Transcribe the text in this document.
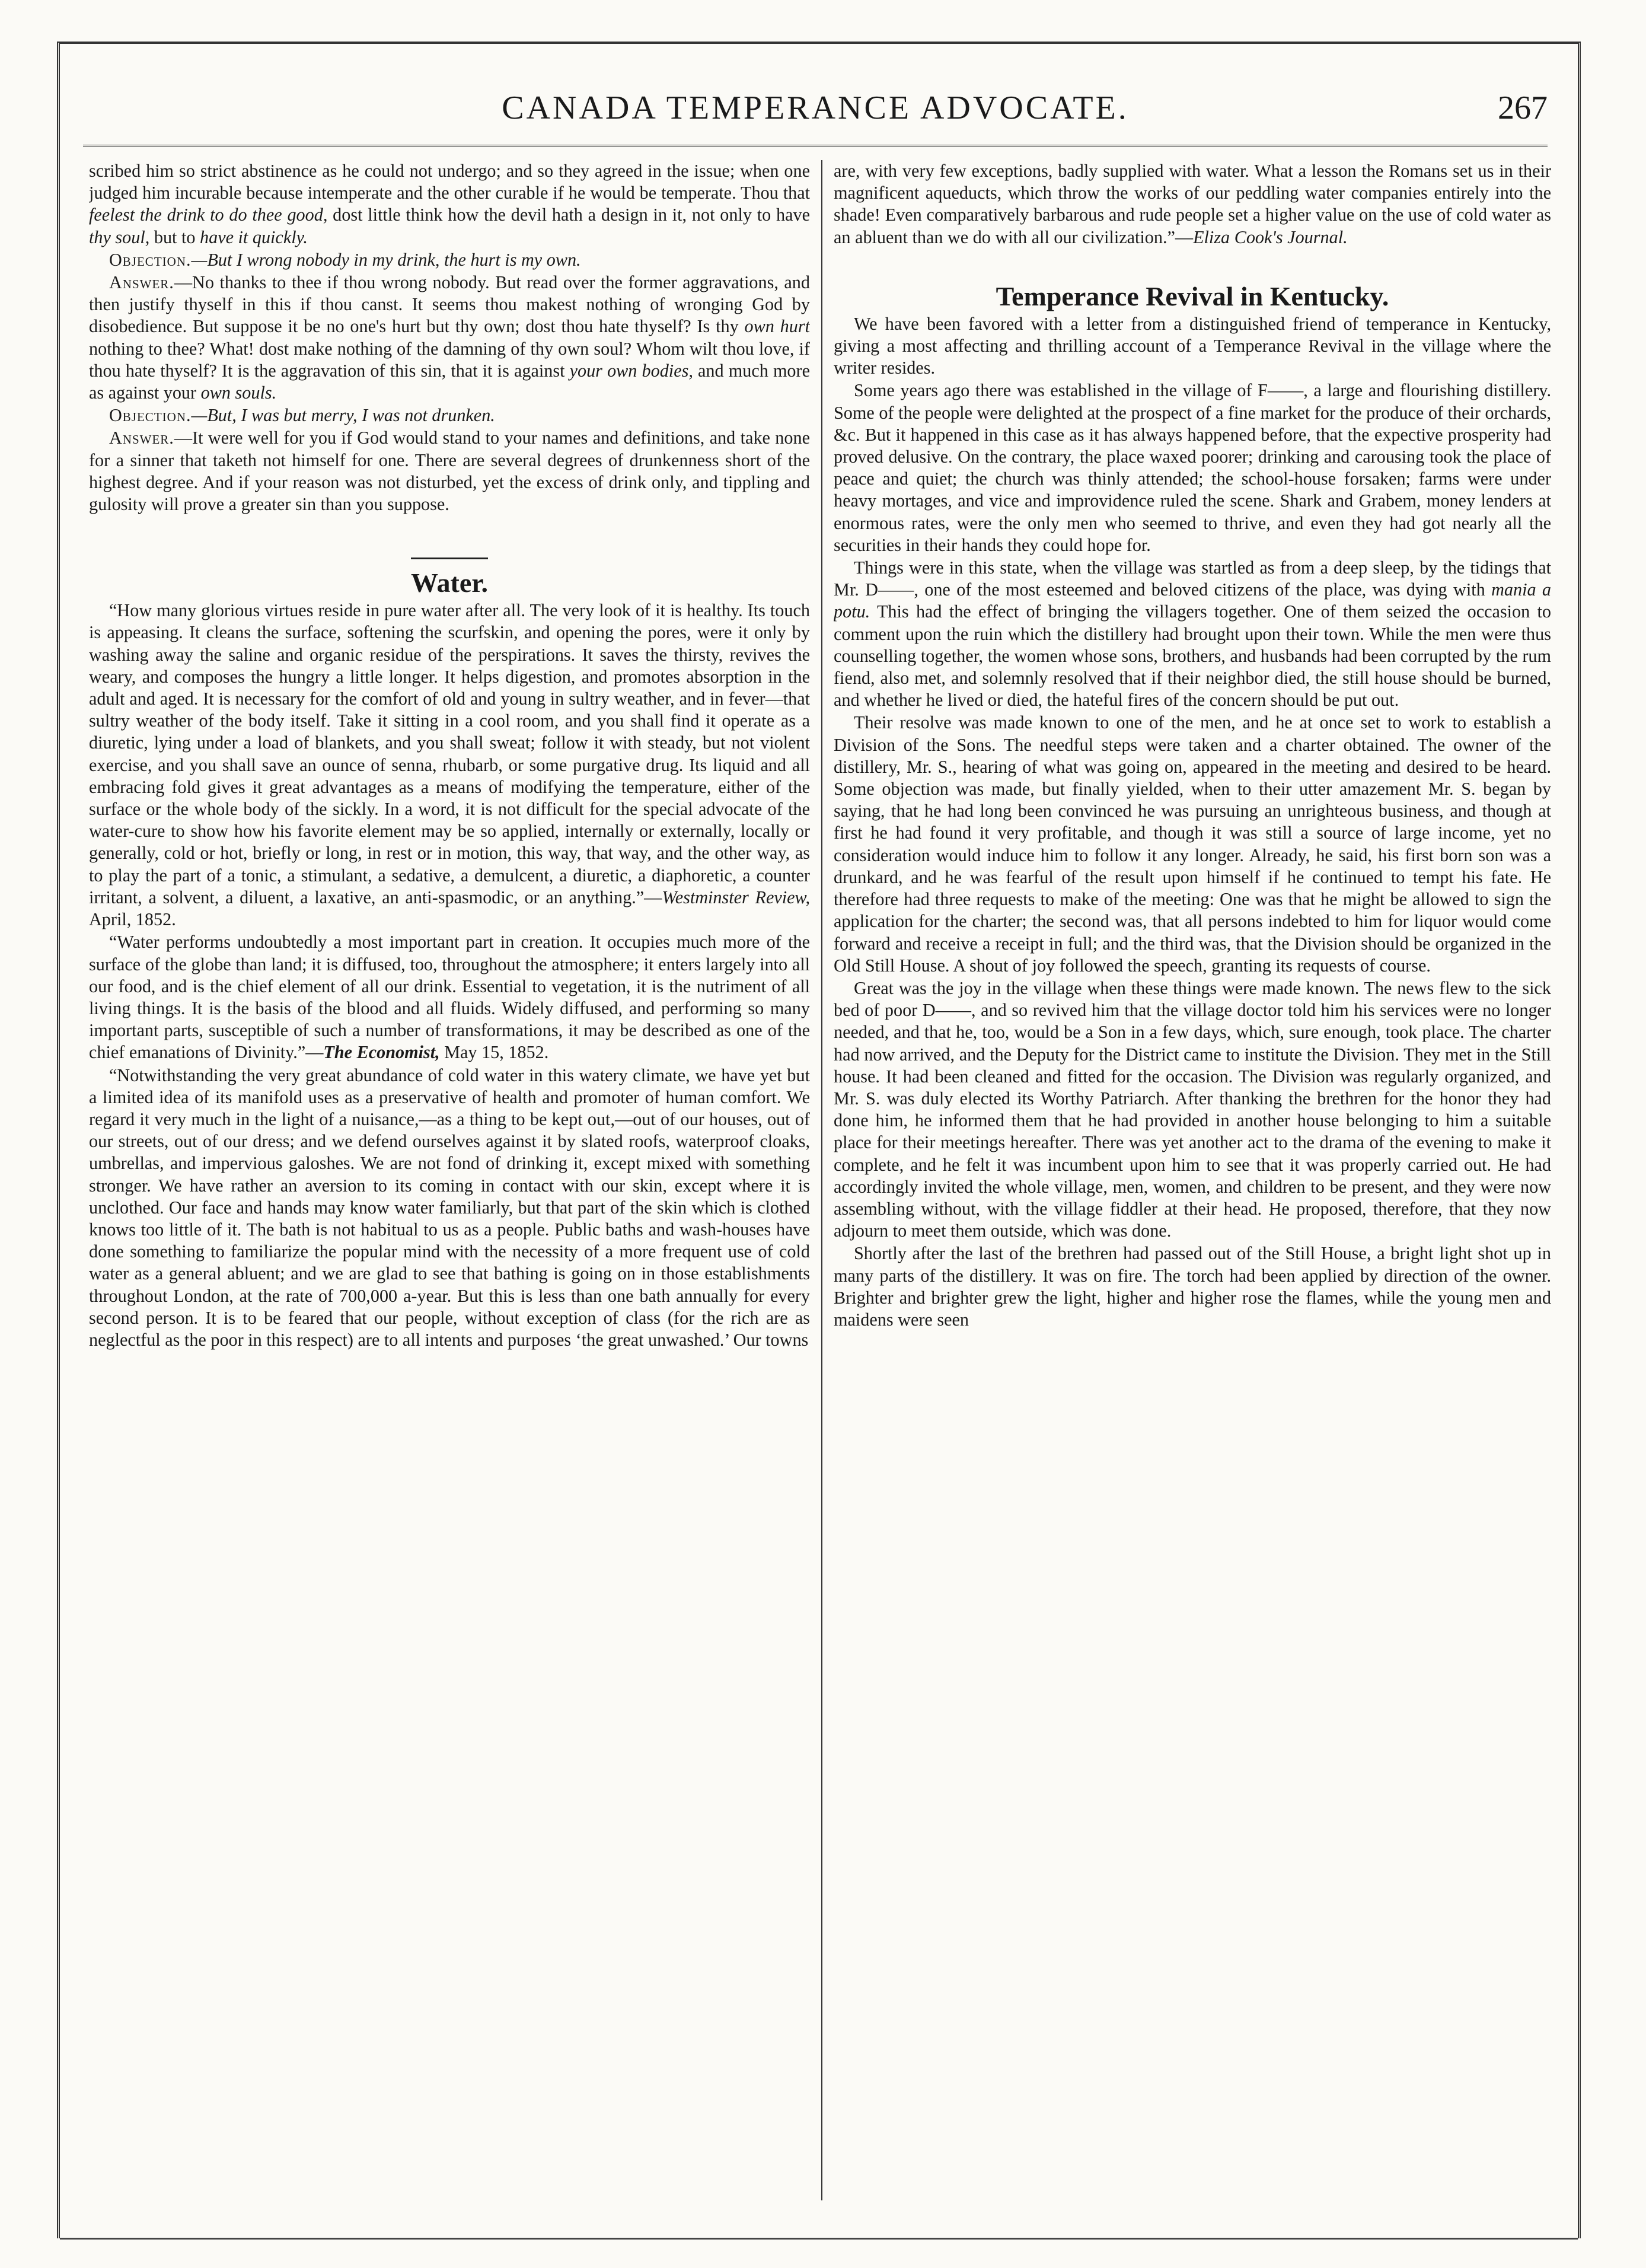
CANADA TEMPERANCE ADVOCATE.	267

scribed him so strict abstinence as he could not undergo; and so they agreed in the issue; when one judged him incurable because intemperate and the other curable if he would be temperate. Thou that feelest the drink to do thee good, dost little think how the devil hath a design in it, not only to have thy soul, but to have it quickly.

Objection.—But I wrong nobody in my drink, the hurt is my own.

Answer.—No thanks to thee if thou wrong nobody. But read over the former aggravations, and then justify thyself in this if thou canst. It seems thou makest nothing of wronging God by disobedience. But suppose it be no one's hurt but thy own; dost thou hate thyself? Is thy own hurt nothing to thee? What! dost make nothing of the damning of thy own soul? Whom wilt thou love, if thou hate thyself? It is the aggravation of this sin, that it is against your own bodies, and much more as against your own souls.

Objection.—But, I was but merry, I was not drunken.

Answer.—It were well for you if God would stand to your names and definitions, and take none for a sinner that taketh not himself for one. There are several degrees of drunkenness short of the highest degree. And if your reason was not disturbed, yet the excess of drink only, and tippling and gulosity will prove a greater sin than you suppose.

Water.

“How many glorious virtues reside in pure water after all. The very look of it is healthy. Its touch is appeasing. It cleans the surface, softening the scurfskin, and opening the pores, were it only by washing away the saline and organic residue of the perspirations. It saves the thirsty, revives the weary, and composes the hungry a little longer. It helps digestion, and promotes absorption in the adult and aged. It is necessary for the comfort of old and young in sultry weather, and in fever—that sultry weather of the body itself. Take it sitting in a cool room, and you shall find it operate as a diuretic, lying under a load of blankets, and you shall sweat; follow it with steady, but not violent exercise, and you shall save an ounce of senna, rhubarb, or some purgative drug. Its liquid and all embracing fold gives it great advantages as a means of modifying the temperature, either of the surface or the whole body of the sickly. In a word, it is not difficult for the special advocate of the water-cure to show how his favorite element may be so applied, internally or externally, locally or generally, cold or hot, briefly or long, in rest or in motion, this way, that way, and the other way, as to play the part of a tonic, a stimulant, a sedative, a demulcent, a diuretic, a diaphoretic, a counter irritant, a solvent, a diluent, a laxative, an anti-spasmodic, or an anything.”—Westminster Review, April, 1852.

“Water performs undoubtedly a most important part in creation. It occupies much more of the surface of the globe than land; it is diffused, too, throughout the atmosphere; it enters largely into all our food, and is the chief element of all our drink. Essential to vegetation, it is the nutriment of all living things. It is the basis of the blood and all fluids. Widely diffused, and performing so many important parts, susceptible of such a number of transformations, it may be described as one of the chief emanations of Divinity.”—The Economist, May 15, 1852.

“Notwithstanding the very great abundance of cold water in this watery climate, we have yet but a limited idea of its manifold uses as a preservative of health and promoter of human comfort. We regard it very much in the light of a nuisance,—as a thing to be kept out,—out of our houses, out of our streets, out of our dress; and we defend ourselves against it by slated roofs, waterproof cloaks, umbrellas, and impervious galoshes. We are not fond of drinking it, except mixed with something stronger. We have rather an aversion to its coming in contact with our skin, except where it is unclothed. Our face and hands may know water familiarly, but that part of the skin which is clothed knows too little of it. The bath is not habitual to us as a people. Public baths and wash-houses have done something to familiarize the popular mind with the necessity of a more frequent use of cold water as a general abluent; and we are glad to see that bathing is going on in those establishments throughout London, at the rate of 700,000 a-year. But this is less than one bath annually for every second person. It is to be feared that our people, without exception of class (for the rich are as neglectful as the poor in this respect) are to all intents and purposes ‘the great unwashed.’ Our towns

are, with very few exceptions, badly supplied with water. What a lesson the Romans set us in their magnificent aqueducts, which throw the works of our peddling water companies entirely into the shade! Even comparatively barbarous and rude people set a higher value on the use of cold water as an abluent than we do with all our civilization.”—Eliza Cook's Journal.

Temperance Revival in Kentucky.

We have been favored with a letter from a distinguished friend of temperance in Kentucky, giving a most affecting and thrilling account of a Temperance Revival in the village where the writer resides.

Some years ago there was established in the village of F——, a large and flourishing distillery. Some of the people were delighted at the prospect of a fine market for the produce of their orchards, &c. But it happened in this case as it has always happened before, that the expective prosperity had proved delusive. On the contrary, the place waxed poorer; drinking and carousing took the place of peace and quiet; the church was thinly attended; the school-house forsaken; farms were under heavy mortages, and vice and improvidence ruled the scene. Shark and Grabem, money lenders at enormous rates, were the only men who seemed to thrive, and even they had got nearly all the securities in their hands they could hope for.

Things were in this state, when the village was startled as from a deep sleep, by the tidings that Mr. D——, one of the most esteemed and beloved citizens of the place, was dying with mania a potu. This had the effect of bringing the villagers together. One of them seized the occasion to comment upon the ruin which the distillery had brought upon their town. While the men were thus counselling together, the women whose sons, brothers, and husbands had been corrupted by the rum fiend, also met, and solemnly resolved that if their neighbor died, the still house should be burned, and whether he lived or died, the hateful fires of the concern should be put out.

Their resolve was made known to one of the men, and he at once set to work to establish a Division of the Sons. The needful steps were taken and a charter obtained. The owner of the distillery, Mr. S., hearing of what was going on, appeared in the meeting and desired to be heard. Some objection was made, but finally yielded, when to their utter amazement Mr. S. began by saying, that he had long been convinced he was pursuing an unrighteous business, and though at first he had found it very profitable, and though it was still a source of large income, yet no consideration would induce him to follow it any longer. Already, he said, his first born son was a drunkard, and he was fearful of the result upon himself if he continued to tempt his fate. He therefore had three requests to make of the meeting: One was that he might be allowed to sign the application for the charter; the second was, that all persons indebted to him for liquor would come forward and receive a receipt in full; and the third was, that the Division should be organized in the Old Still House. A shout of joy followed the speech, granting its requests of course.

Great was the joy in the village when these things were made known. The news flew to the sick bed of poor D——, and so revived him that the village doctor told him his services were no longer needed, and that he, too, would be a Son in a few days, which, sure enough, took place. The charter had now arrived, and the Deputy for the District came to institute the Division. They met in the Still house. It had been cleaned and fitted for the occasion. The Division was regularly organized, and Mr. S. was duly elected its Worthy Patriarch. After thanking the brethren for the honor they had done him, he informed them that he had provided in another house belonging to him a suitable place for their meetings hereafter. There was yet another act to the drama of the evening to make it complete, and he felt it was incumbent upon him to see that it was properly carried out. He had accordingly invited the whole village, men, women, and children to be present, and they were now assembling without, with the village fiddler at their head. He proposed, therefore, that they now adjourn to meet them outside, which was done.

Shortly after the last of the brethren had passed out of the Still House, a bright light shot up in many parts of the distillery. It was on fire. The torch had been applied by direction of the owner. Brighter and brighter grew the light, higher and higher rose the flames, while the young men and maidens were seen
